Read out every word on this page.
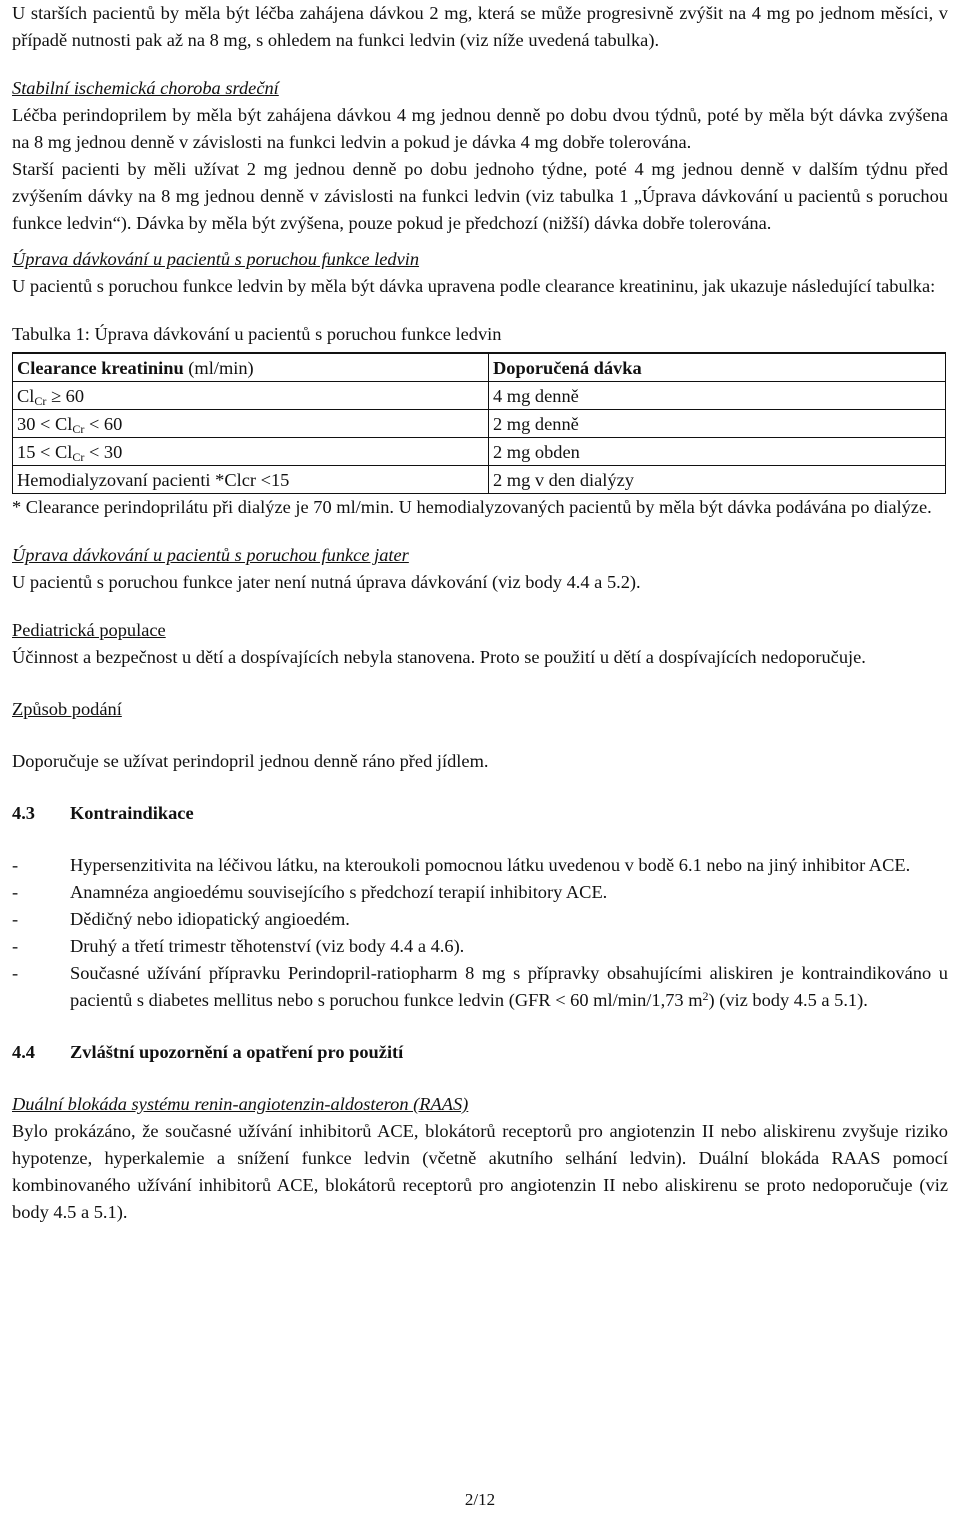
U starších pacientů by měla být léčba zahájena dávkou 2 mg, která se může progresivně zvýšit na 4 mg po jednom měsíci, v případě nutnosti pak až na 8 mg, s ohledem na funkci ledvin (viz níže uvedená tabulka).

Stabilní ischemická choroba srdeční

Léčba perindoprilem by měla být zahájena dávkou 4 mg jednou denně po dobu dvou týdnů, poté by měla být dávka zvýšena na 8 mg jednou denně v závislosti na funkci ledvin a pokud je dávka 4 mg dobře tolerována.

Starší pacienti by měli užívat 2 mg jednou denně po dobu jednoho týdne, poté 4 mg jednou denně v dalším týdnu před zvýšením dávky na 8 mg jednou denně v závislosti na funkci ledvin (viz tabulka 1 „Úprava dávkování u pacientů s poruchou funkce ledvin“). Dávka by měla být zvýšena, pouze pokud je předchozí (nižší) dávka dobře tolerována.

Úprava dávkování u pacientů s poruchou funkce ledvin

U pacientů s poruchou funkce ledvin by měla být dávka upravena podle clearance kreatininu, jak ukazuje následující tabulka:

Tabulka 1: Úprava dávkování u pacientů s poruchou funkce ledvin

Clearance kreatininu (ml/min)	Doporučená dávka
$Cl_{Cr} \ge 60$	4 mg denně
$30 < Cl_{Cr} < 60$	2 mg denně
$15 < Cl_{Cr} < 30$	2 mg obden
Hemodialyzovaní pacienti *Clcr <15	2 mg v den dialýzy

* Clearance perindoprilátu při dialýze je 70 ml/min. U hemodialyzovaných pacientů by měla být dávka podávána po dialýze.

Úprava dávkování u pacientů s poruchou funkce jater

U pacientů s poruchou funkce jater není nutná úprava dávkování (viz body 4.4 a 5.2).

Pediatrická populace

Účinnost a bezpečnost u dětí a dospívajících nebyla stanovena. Proto se použití u dětí a dospívajících nedoporučuje.

Způsob podání

Doporučuje se užívat perindopril jednou denně ráno před jídlem.

4.3	Kontraindikace
-	Hypersenzitivita na léčivou látku, na kteroukoli pomocnou látku uvedenou v bodě 6.1 nebo na jiný inhibitor ACE.
-	Anamnéza angioedému souvisejícího s předchozí terapií inhibitory ACE.
-	Dědičný nebo idiopatický angioedém.
-	Druhý a třetí trimestr těhotenství (viz body 4.4 a 4.6).
-	Současné užívání přípravku Perindopril-ratiopharm 8 mg s přípravky obsahujícími aliskiren je kontraindikováno u pacientů s diabetes mellitus nebo s poruchou funkce ledvin (GFR < 60 ml/min/1,73 $m^2$) (viz body 4.5 a 5.1).
4.4	Zvláštní upozornění a opatření pro použití

Duální blokáda systému renin-angiotenzin-aldosteron (RAAS)

Bylo prokázáno, že současné užívání inhibitorů ACE, blokátorů receptorů pro angiotenzin II nebo aliskirenu zvyšuje riziko hypotenze, hyperkalemie a snížení funkce ledvin (včetně akutního selhání ledvin). Duální blokáda RAAS pomocí kombinovaného užívání inhibitorů ACE, blokátorů receptorů pro angiotenzin II nebo aliskirenu se proto nedoporučuje (viz body 4.5 a 5.1).

2/12
